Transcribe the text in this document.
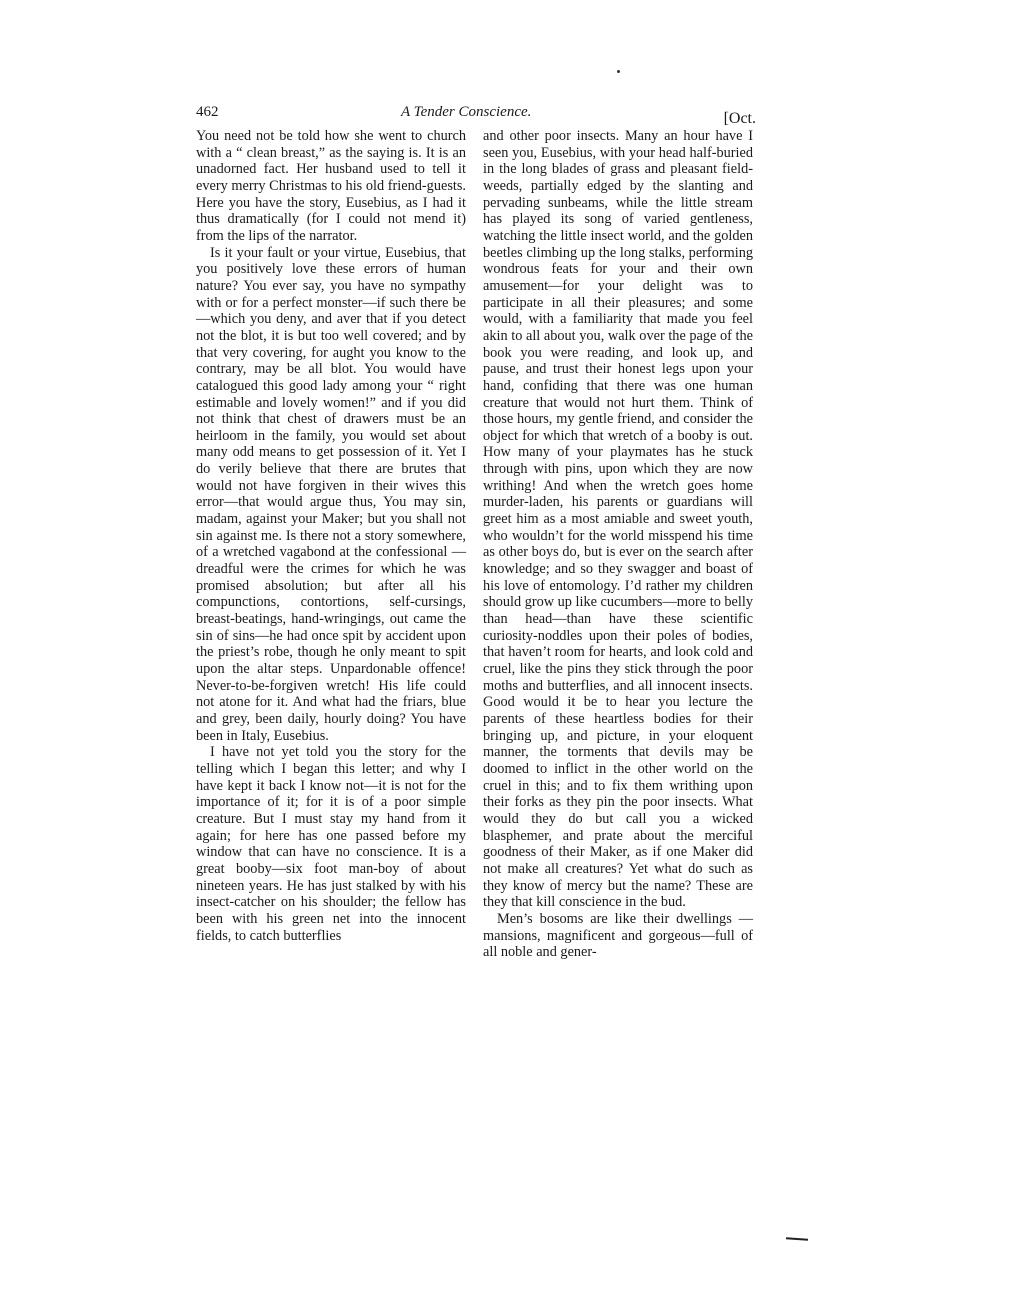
462	A Tender Conscience.	[Oct.

You need not be told how she went to church with a “ clean breast,” as the saying is. It is an unadorned fact. Her husband used to tell it every merry Christmas to his old friend-guests. Here you have the story, Eusebius, as I had it thus dramatically (for I could not mend it) from the lips of the narrator.

Is it your fault or your virtue, Eusebius, that you positively love these errors of human nature? You ever say, you have no sympathy with or for a perfect monster—if such there be—which you deny, and aver that if you detect not the blot, it is but too well covered; and by that very covering, for aught you know to the contrary, may be all blot. You would have catalogued this good lady among your “ right estimable and lovely women!” and if you did not think that chest of drawers must be an heirloom in the family, you would set about many odd means to get possession of it. Yet I do verily believe that there are brutes that would not have forgiven in their wives this error—that would argue thus, You may sin, madam, against your Maker; but you shall not sin against me. Is there not a story somewhere, of a wretched vagabond at the confessional —dreadful were the crimes for which he was promised absolution; but after all his compunctions, contortions, self-cursings, breast-beatings, hand-wringings, out came the sin of sins—he had once spit by accident upon the priest’s robe, though he only meant to spit upon the altar steps. Unpardonable offence! Never-to-be-forgiven wretch! His life could not atone for it. And what had the friars, blue and grey, been daily, hourly doing? You have been in Italy, Eusebius.

I have not yet told you the story for the telling which I began this letter; and why I have kept it back I know not—it is not for the importance of it; for it is of a poor simple creature. But I must stay my hand from it again; for here has one passed before my window that can have no conscience. It is a great booby—six foot man-boy of about nineteen years. He has just stalked by with his insect-catcher on his shoulder; the fellow has been with his green net into the innocent fields, to catch butterflies

and other poor insects. Many an hour have I seen you, Eusebius, with your head half-buried in the long blades of grass and pleasant field-weeds, partially edged by the slanting and pervading sunbeams, while the little stream has played its song of varied gentleness, watching the little insect world, and the golden beetles climbing up the long stalks, performing wondrous feats for your and their own amusement—for your delight was to participate in all their pleasures; and some would, with a familiarity that made you feel akin to all about you, walk over the page of the book you were reading, and look up, and pause, and trust their honest legs upon your hand, confiding that there was one human creature that would not hurt them. Think of those hours, my gentle friend, and consider the object for which that wretch of a booby is out. How many of your playmates has he stuck through with pins, upon which they are now writhing! And when the wretch goes home murder-laden, his parents or guardians will greet him as a most amiable and sweet youth, who wouldn’t for the world misspend his time as other boys do, but is ever on the search after knowledge; and so they swagger and boast of his love of entomology. I’d rather my children should grow up like cucumbers—more to belly than head—than have these scientific curiosity-noddles upon their poles of bodies, that haven’t room for hearts, and look cold and cruel, like the pins they stick through the poor moths and butterflies, and all innocent insects. Good would it be to hear you lecture the parents of these heartless bodies for their bringing up, and picture, in your eloquent manner, the torments that devils may be doomed to inflict in the other world on the cruel in this; and to fix them writhing upon their forks as they pin the poor insects. What would they do but call you a wicked blasphemer, and prate about the merciful goodness of their Maker, as if one Maker did not make all creatures? Yet what do such as they know of mercy but the name? These are they that kill conscience in the bud.

Men’s bosoms are like their dwellings — mansions, magnificent and gorgeous—full of all noble and gener-
